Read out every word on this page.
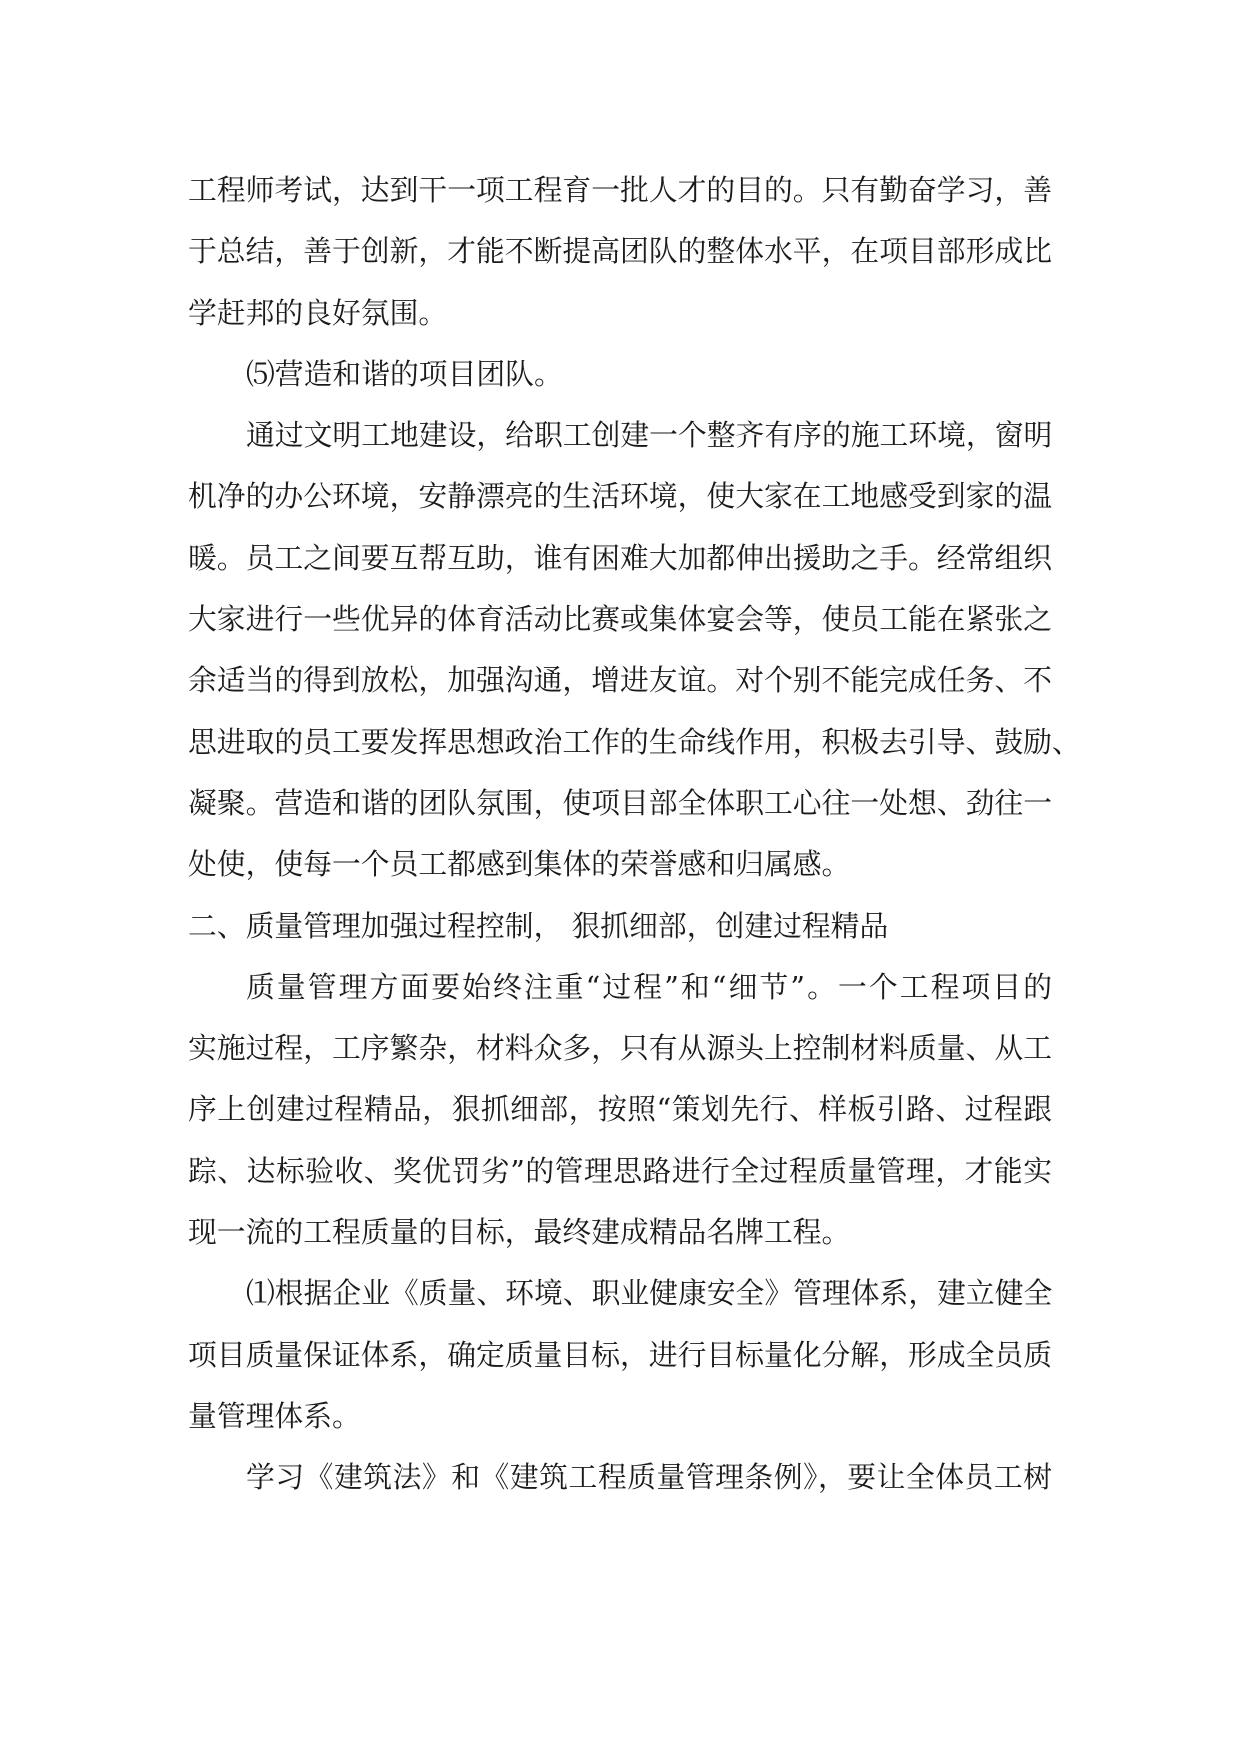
工程师考试，达到干一项工程育一批人才的目的。只有勤奋学习，善
于总结，善于创新，才能不断提高团队的整体水平，在项目部形成比
学赶邦的良好氛围。
⑸营造和谐的项目团队。
通过文明工地建设，给职工创建一个整齐有序的施工环境，窗明
机净的办公环境，安静漂亮的生活环境，使大家在工地感受到家的温
暖。员工之间要互帮互助，谁有困难大加都伸出援助之手。经常组织
大家进行一些优异的体育活动比赛或集体宴会等，使员工能在紧张之
余适当的得到放松，加强沟通，增进友谊。对个别不能完成任务、不
思进取的员工要发挥思想政治工作的生命线作用，积极去引导、鼓励、
凝聚。营造和谐的团队氛围，使项目部全体职工心往一处想、劲往一
处使，使每一个员工都感到集体的荣誉感和归属感。
二、质量管理加强过程控制， 狠抓细部，创建过程精品
质量管理方面要始终注重“过程”和“细节”。一个工程项目的
实施过程，工序繁杂，材料众多，只有从源头上控制材料质量、从工
序上创建过程精品，狠抓细部，按照“策划先行、样板引路、过程跟
踪、达标验收、奖优罚劣”的管理思路进行全过程质量管理，才能实
现一流的工程质量的目标，最终建成精品名牌工程。
⑴根据企业《质量、环境、职业健康安全》管理体系，建立健全
项目质量保证体系，确定质量目标，进行目标量化分解，形成全员质
量管理体系。
学习《建筑法》和《建筑工程质量管理条例》，要让全体员工树
